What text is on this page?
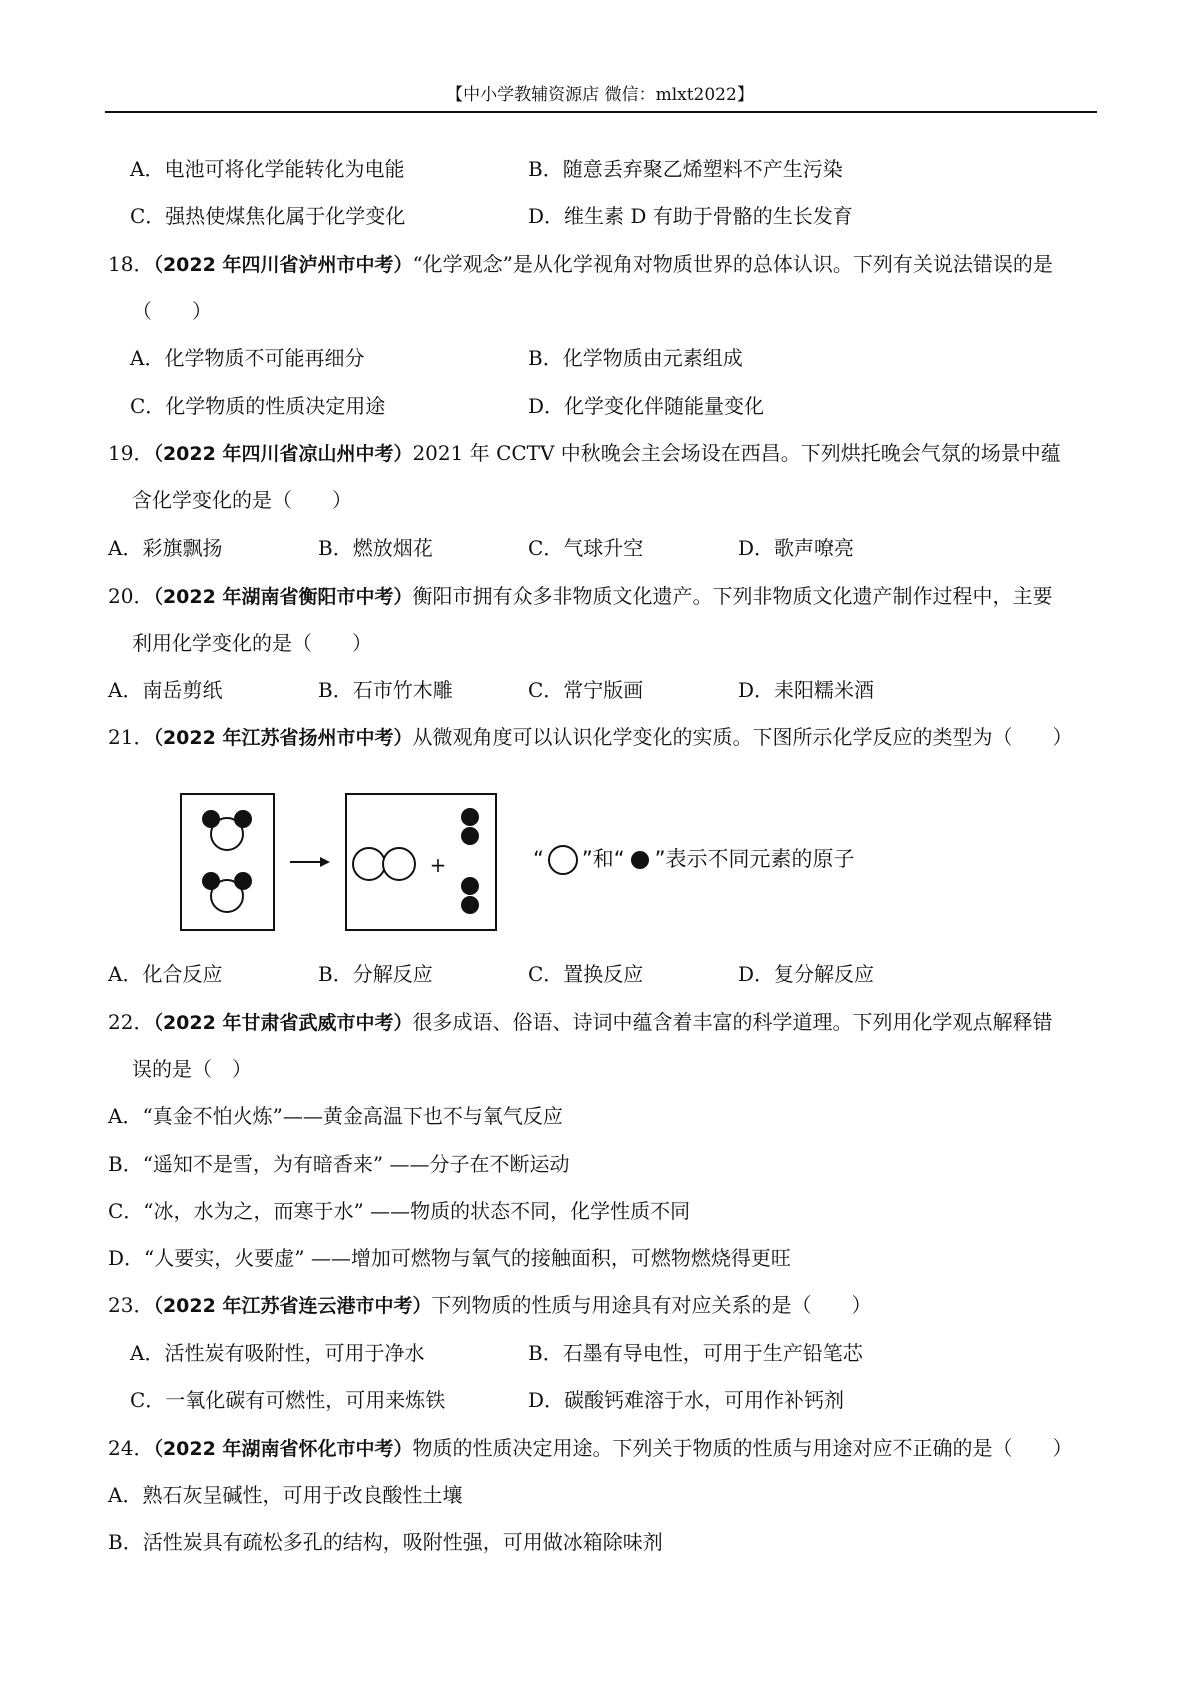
【中小学教辅资源店 微信：mlxt2022】
A．电池可将化学能转化为电能	B．随意丢弃聚乙烯塑料不产生污染
C．强热使煤焦化属于化学变化	D．维生素 D 有助于骨骼的生长发育
18．（2022 年四川省泸州市中考）“化学观念”是从化学视角对物质世界的总体认识。下列有关说法错误的是
（　　）
A．化学物质不可能再细分	B．化学物质由元素组成
C．化学物质的性质决定用途	D．化学变化伴随能量变化
19．（2022 年四川省凉山州中考）2021 年 CCTV 中秋晚会主会场设在西昌。下列烘托晚会气氛的场景中蕴
含化学变化的是（　　）
A．彩旗飘扬	B．燃放烟花	C．气球升空	D．歌声嘹亮
20．（2022 年湖南省衡阳市中考）衡阳市拥有众多非物质文化遗产。下列非物质文化遗产制作过程中，主要
利用化学变化的是（　　）
A．南岳剪纸	B．石市竹木雕	C．常宁版画	D．耒阳糯米酒
21．（2022 年江苏省扬州市中考）从微观角度可以认识化学变化的实质。下图所示化学反应的类型为（　　）
+	“ ”和“ ”表示不同元素的原子
A．化合反应	B．分解反应	C．置换反应	D．复分解反应
22．（2022 年甘肃省武威市中考）很多成语、俗语、诗词中蕴含着丰富的科学道理。下列用化学观点解释错
误的是（　）
A．“真金不怕火炼”——黄金高温下也不与氧气反应
B．“遥知不是雪，为有暗香来” ——分子在不断运动
C．“冰，水为之，而寒于水” ——物质的状态不同，化学性质不同
D．“人要实，火要虚” ——增加可燃物与氧气的接触面积，可燃物燃烧得更旺
23．（2022 年江苏省连云港市中考）下列物质的性质与用途具有对应关系的是（　　）
A．活性炭有吸附性，可用于净水	B．石墨有导电性，可用于生产铅笔芯
C．一氧化碳有可燃性，可用来炼铁	D．碳酸钙难溶于水，可用作补钙剂
24．（2022 年湖南省怀化市中考）物质的性质决定用途。下列关于物质的性质与用途对应不正确的是（　　）
A．熟石灰呈碱性，可用于改良酸性土壤
B．活性炭具有疏松多孔的结构，吸附性强，可用做冰箱除味剂
